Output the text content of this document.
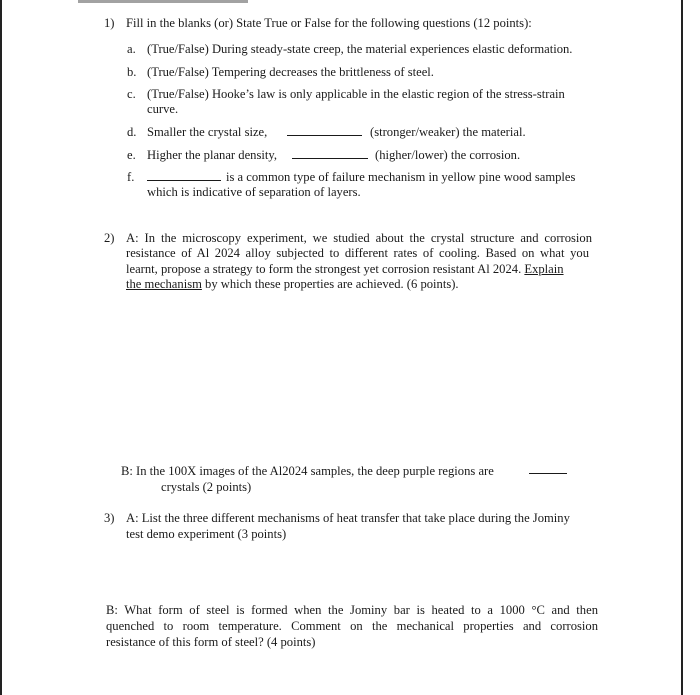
1) Fill in the blanks (or) State True or False for the following questions (12 points):
a. (True/False) During steady-state creep, the material experiences elastic deformation.
b. (True/False) Tempering decreases the brittleness of steel.
c. (True/False) Hooke’s law is only applicable in the elastic region of the stress-strain
curve.
d. Smaller the crystal size,	(stronger/weaker) the material.
e. Higher the planar density,	(higher/lower) the corrosion.
f.	is a common type of failure mechanism in yellow pine wood samples
which is indicative of separation of layers.
2) A: In the microscopy experiment, we studied about the crystal structure and corrosion
resistance of Al 2024 alloy subjected to different rates of cooling. Based on what you
learnt, propose a strategy to form the strongest yet corrosion resistant Al 2024. Explain
the mechanism by which these properties are achieved. (6 points).
B: In the 100X images of the Al2024 samples, the deep purple regions are
crystals (2 points)
3) A: List the three different mechanisms of heat transfer that take place during the Jominy
test demo experiment (3 points)
B: What form of steel is formed when the Jominy bar is heated to a 1000 °C and then
quenched to room temperature. Comment on the mechanical properties and corrosion
resistance of this form of steel? (4 points)
